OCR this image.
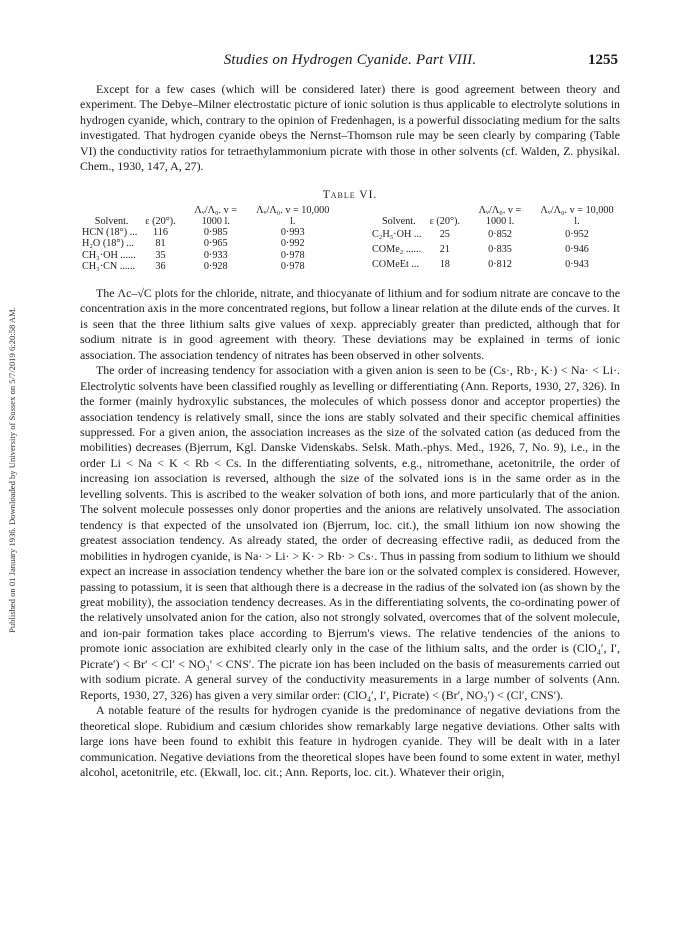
Published on 01 January 1936. Downloaded by University of Sussex on 5/7/2019 6:20:58 AM.
Studies on Hydrogen Cyanide. Part VIII.	1255

Except for a few cases (which will be considered later) there is good agreement between theory and experiment. The Debye–Milner electrostatic picture of ionic solution is thus applicable to electrolyte solutions in hydrogen cyanide, which, contrary to the opinion of Fredenhagen, is a powerful dissociating medium for the salts investigated. That hydrogen cyanide obeys the Nernst–Thomson rule may be seen clearly by comparing (Table VI) the conductivity ratios for tetraethylammonium picrate with those in other solvents (cf. Walden, Z. physikal. Chem., 1930, 147, A, 27).

Table VI.
Solvent.	ε (20°).	Λᵥ/Λ₀. v = 1000 l.	Λᵥ/Λ₀. v = 10,000 l.
HCN (18°) ...	116	0·985	0·993
H₂O (18°) ...	81	0·965	0·992
CH₃·OH ......	35	0·933	0·978
CH₃·CN ......	36	0·928	0·978
Solvent.	ε (20°).	Λᵥ/Λ₀. v = 1000 l.	Λᵥ/Λ₀. v = 10,000 l.
C₂H₅·OH ...	25	0·852	0·952
COMe₂ ......	21	0·835	0·946
COMeEt ...	18	0·812	0·943

The Λc–√C plots for the chloride, nitrate, and thiocyanate of lithium and for sodium nitrate are concave to the concentration axis in the more concentrated regions, but follow a linear relation at the dilute ends of the curves. It is seen that the three lithium salts give values of xexp. appreciably greater than predicted, although that for sodium nitrate is in good agreement with theory. These deviations may be explained in terms of ionic association. The association tendency of nitrates has been observed in other solvents.

The order of increasing tendency for association with a given anion is seen to be (Cs·, Rb·, K·) < Na· < Li·. Electrolytic solvents have been classified roughly as levelling or differentiating (Ann. Reports, 1930, 27, 326). In the former (mainly hydroxylic substances, the molecules of which possess donor and acceptor properties) the association tendency is relatively small, since the ions are stably solvated and their specific chemical affinities suppressed. For a given anion, the association increases as the size of the solvated cation (as deduced from the mobilities) decreases (Bjerrum, Kgl. Danske Videnskabs. Selsk. Math.-phys. Med., 1926, 7, No. 9), i.e., in the order Li < Na < K < Rb < Cs. In the differentiating solvents, e.g., nitromethane, acetonitrile, the order of increasing ion association is reversed, although the size of the solvated ions is in the same order as in the levelling solvents. This is ascribed to the weaker solvation of both ions, and more particularly that of the anion. The solvent molecule possesses only donor properties and the anions are relatively unsolvated. The association tendency is that expected of the unsolvated ion (Bjerrum, loc. cit.), the small lithium ion now showing the greatest association tendency. As already stated, the order of decreasing effective radii, as deduced from the mobilities in hydrogen cyanide, is Na· > Li· > K· > Rb· > Cs·. Thus in passing from sodium to lithium we should expect an increase in association tendency whether the bare ion or the solvated complex is considered. However, passing to potassium, it is seen that although there is a decrease in the radius of the solvated ion (as shown by the great mobility), the association tendency decreases. As in the differentiating solvents, the co-ordinating power of the relatively unsolvated anion for the cation, also not strongly solvated, overcomes that of the solvent molecule, and ion-pair formation takes place according to Bjerrum's views. The relative tendencies of the anions to promote ionic association are exhibited clearly only in the case of the lithium salts, and the order is (ClO₄′, I′, Picrate′) < Br′ < Cl′ < NO₃′ < CNS′. The picrate ion has been included on the basis of measurements carried out with sodium picrate. A general survey of the conductivity measurements in a large number of solvents (Ann. Reports, 1930, 27, 326) has given a very similar order: (ClO₄′, I′, Picrate) < (Br′, NO₃′) < (Cl′, CNS′).

A notable feature of the results for hydrogen cyanide is the predominance of negative deviations from the theoretical slope. Rubidium and cæsium chlorides show remarkably large negative deviations. Other salts with large ions have been found to exhibit this feature in hydrogen cyanide. They will be dealt with in a later communication. Negative deviations from the theoretical slopes have been found to some extent in water, methyl alcohol, acetonitrile, etc. (Ekwall, loc. cit.; Ann. Reports, loc. cit.). Whatever their origin,
